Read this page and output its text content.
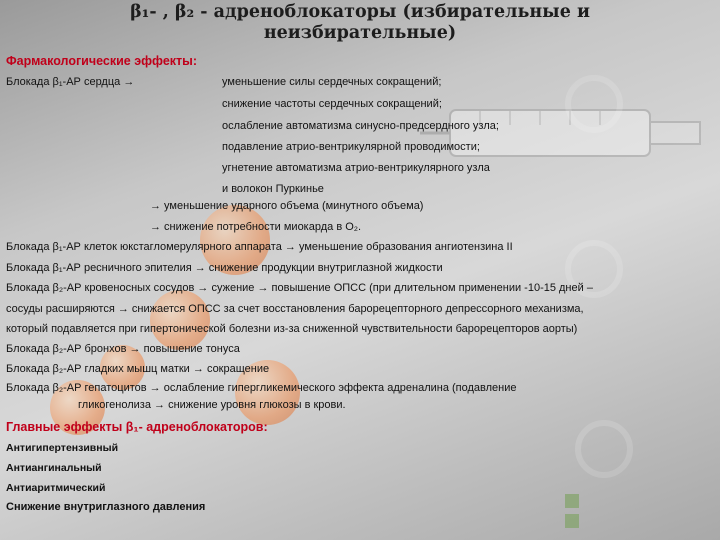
β₁- , β₂ - адреноблокаторы (избирательные и
неизбирательные)
Фармакологические эффекты:
Блокада β₁-АР сердца →	уменьшение силы сердечных сокращений;
снижение частоты сердечных сокращений;
ослабление автоматизма синусно-предсердного узла;
подавление атрио-вентрикулярной проводимости;
угнетение автоматизма атрио-вентрикулярного узла
и волокон Пуркинье
→ уменьшение ударного объема (минутного объема)
→ снижение потребности миокарда в О₂.
Блокада β₁-АР клеток юкстагломерулярного аппарата → уменьшение образования ангиотензина II
Блокада β₁-АР ресничного эпителия → снижение продукции внутриглазной жидкости
Блокада β₂-АР кровеносных сосудов → сужение → повышение ОПСС (при длительном применении -10-15 дней –
сосуды расширяются → снижается ОПСС за счет восстановления барорецепторного депрессорного механизма,
который подавляется при гипертонической болезни из-за сниженной чувствительности барорецепторов аорты)
Блокада β₂-АР бронхов → повышение тонуса
Блокада β₂-АР гладких мышц матки → сокращение
Блокада β₂-АР гепатоцитов → ослабление гипергликемического эффекта адреналина (подавление
гликогенолиза → снижение уровня глюкозы в крови.
Главные эффекты β₁- адреноблокаторов:
Антигипертензивный
Антиангинальный
Антиаритмический
Снижение внутриглазного давления
